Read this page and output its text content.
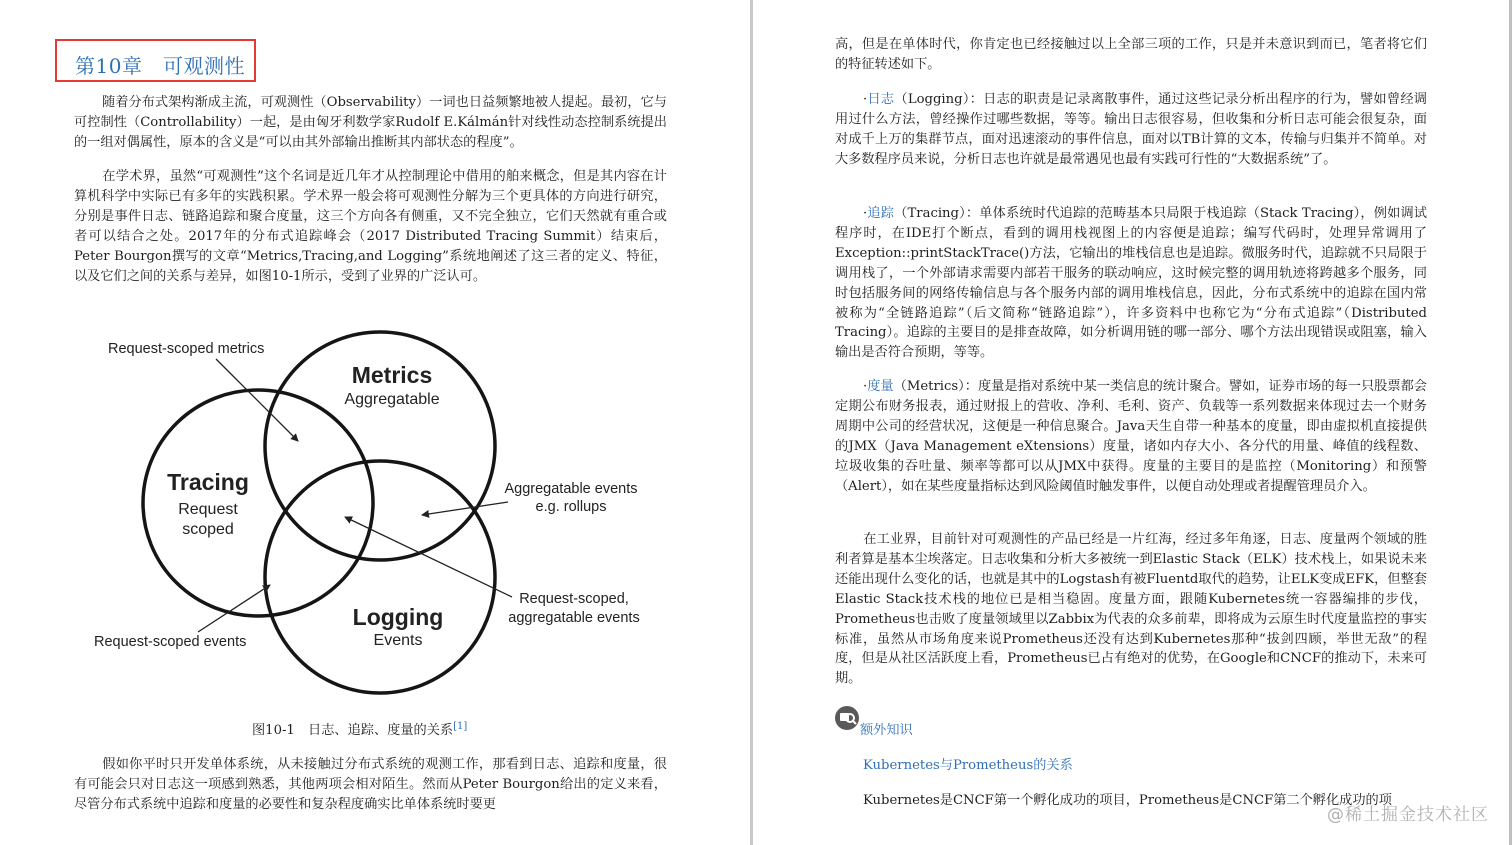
第10章　可观测性
随着分布式架构渐成主流，可观测性（Observability）一词也日益频繁地被人提起。最初，它与可控制性（Controllability）一起，是由匈牙利数学家Rudolf E.Kálmán针对线性动态控制系统提出的一组对偶属性，原本的含义是“可以由其外部输出推断其内部状态的程度”。
在学术界，虽然“可观测性”这个名词是近几年才从控制理论中借用的舶来概念，但是其内容在计算机科学中实际已有多年的实践积累。学术界一般会将可观测性分解为三个更具体的方向进行研究，分别是事件日志、链路追踪和聚合度量，这三个方向各有侧重，又不完全独立，它们天然就有重合或者可以结合之处。2017年的分布式追踪峰会（2017 Distributed Tracing Summit）结束后，Peter Bourgon撰写的文章“Metrics,Tracing,and Logging”系统地阐述了这三者的定义、特征，以及它们之间的关系与差异，如图10-1所示，受到了业界的广泛认可。
Metrics
Aggregatable
Tracing
Request
scoped
Logging
Events
Request-scoped metrics
Aggregatable events
e.g. rollups
Request-scoped,
aggregatable events
Request-scoped events
图10-1　日志、追踪、度量的关系[1]
假如你平时只开发单体系统，从未接触过分布式系统的观测工作，那看到日志、追踪和度量，很有可能会只对日志这一项感到熟悉，其他两项会相对陌生。然而从Peter Bourgon给出的定义来看，尽管分布式系统中追踪和度量的必要性和复杂程度确实比单体系统时要更
高，但是在单体时代，你肯定也已经接触过以上全部三项的工作，只是并未意识到而已，笔者将它们的特征转述如下。
·日志（Logging）：日志的职责是记录离散事件，通过这些记录分析出程序的行为，譬如曾经调用过什么方法，曾经操作过哪些数据，等等。输出日志很容易，但收集和分析日志可能会很复杂，面对成千上万的集群节点，面对迅速滚动的事件信息，面对以TB计算的文本，传输与归集并不简单。对大多数程序员来说，分析日志也许就是最常遇见也最有实践可行性的“大数据系统”了。
·追踪（Tracing）：单体系统时代追踪的范畴基本只局限于栈追踪（Stack Tracing），例如调试程序时，在IDE打个断点，看到的调用栈视图上的内容便是追踪；编写代码时，处理异常调用了Exception::printStackTrace()方法，它输出的堆栈信息也是追踪。微服务时代，追踪就不只局限于调用栈了，一个外部请求需要内部若干服务的联动响应，这时候完整的调用轨迹将跨越多个服务，同时包括服务间的网络传输信息与各个服务内部的调用堆栈信息，因此，分布式系统中的追踪在国内常被称为“全链路追踪”（后文简称“链路追踪”），许多资料中也称它为“分布式追踪”（Distributed Tracing）。追踪的主要目的是排查故障，如分析调用链的哪一部分、哪个方法出现错误或阻塞，输入输出是否符合预期，等等。
·度量（Metrics）：度量是指对系统中某一类信息的统计聚合。譬如，证券市场的每一只股票都会定期公布财务报表，通过财报上的营收、净利、毛利、资产、负载等一系列数据来体现过去一个财务周期中公司的经营状况，这便是一种信息聚合。Java天生自带一种基本的度量，即由虚拟机直接提供的JMX（Java Management eXtensions）度量，诸如内存大小、各分代的用量、峰值的线程数、垃圾收集的吞吐量、频率等都可以从JMX中获得。度量的主要目的是监控（Monitoring）和预警（Alert），如在某些度量指标达到风险阈值时触发事件，以便自动处理或者提醒管理员介入。
在工业界，目前针对可观测性的产品已经是一片红海，经过多年角逐，日志、度量两个领域的胜利者算是基本尘埃落定。日志收集和分析大多被统一到Elastic Stack（ELK）技术栈上，如果说未来还能出现什么变化的话，也就是其中的Logstash有被Fluentd取代的趋势，让ELK变成EFK，但整套Elastic Stack技术栈的地位已是相当稳固。度量方面，跟随Kubernetes统一容器编排的步伐，Prometheus也击败了度量领域里以Zabbix为代表的众多前辈，即将成为云原生时代度量监控的事实标准，虽然从市场角度来说Prometheus还没有达到Kubernetes那种“拔剑四顾，举世无敌”的程度，但是从社区活跃度上看，Prometheus已占有绝对的优势，在Google和CNCF的推动下，未来可期。
额外知识
Kubernetes与Prometheus的关系
Kubernetes是CNCF第一个孵化成功的项目，Prometheus是CNCF第二个孵化成功的项
@稀土掘金技术社区
